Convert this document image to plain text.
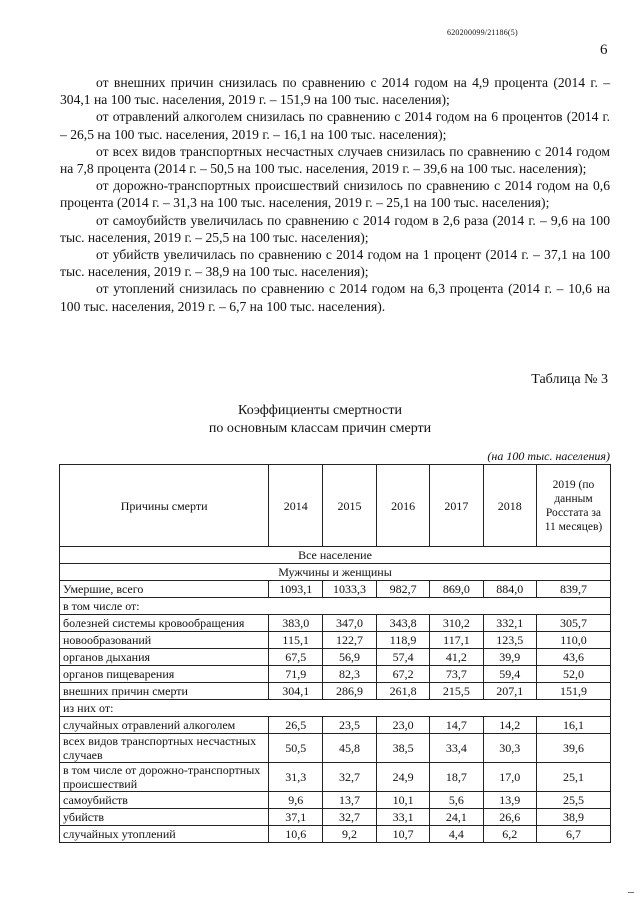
620200099/21186(5)
6

от внешних причин снизилась по сравнению с 2014 годом на 4,9 процента (2014 г. – 304,1 на 100 тыс. населения, 2019 г. – 151,9 на 100 тыс. населения);

от отравлений алкоголем снизилась по сравнению с 2014 годом на 6 процентов (2014 г. – 26,5 на 100 тыс. населения, 2019 г. – 16,1 на 100 тыс. населения);

от всех видов транспортных несчастных случаев снизилась по сравнению с 2014 годом на 7,8 процента (2014 г. – 50,5 на 100 тыс. населения, 2019 г. – 39,6 на 100 тыс. населения);

от дорожно-транспортных происшествий снизилось по сравнению с 2014 годом на 0,6 процента (2014 г. – 31,3 на 100 тыс. населения, 2019 г. – 25,1 на 100 тыс. населения);

от самоубийств увеличилась по сравнению с 2014 годом в 2,6 раза (2014 г. – 9,6 на 100 тыс. населения, 2019 г. – 25,5 на 100 тыс. населения);

от убийств увеличилась по сравнению с 2014 годом на 1 процент (2014 г. – 37,1 на 100 тыс. населения, 2019 г. – 38,9 на 100 тыс. населения);

от утоплений снизилась по сравнению с 2014 годом на 6,3 процента (2014 г. – 10,6 на 100 тыс. населения, 2019 г. – 6,7 на 100 тыс. населения).

Таблица № 3
Коэффициенты смертности
по основным классам причин смерти
(на 100 тыс. населения)
Причины смерти	2014	2015	2016	2017	2018	2019 (по данным Росстата за 11 месяцев)
Все население						
Мужчины и женщины						
Умершие, всего	1093,1	1033,3	982,7	869,0	884,0	839,7
в том числе от:						
болезней системы кровообращения	383,0	347,0	343,8	310,2	332,1	305,7
новообразований	115,1	122,7	118,9	117,1	123,5	110,0
органов дыхания	67,5	56,9	57,4	41,2	39,9	43,6
органов пищеварения	71,9	82,3	67,2	73,7	59,4	52,0
внешних причин смерти	304,1	286,9	261,8	215,5	207,1	151,9
из них от:						
случайных отравлений алкоголем	26,5	23,5	23,0	14,7	14,2	16,1
всех видов транспортных несчастных случаев	50,5	45,8	38,5	33,4	30,3	39,6
в том числе от дорожно-транспортных происшествий	31,3	32,7	24,9	18,7	17,0	25,1
самоубийств	9,6	13,7	10,1	5,6	13,9	25,5
убийств	37,1	32,7	33,1	24,1	26,6	38,9
случайных утоплений	10,6	9,2	10,7	4,4	6,2	6,7
–
